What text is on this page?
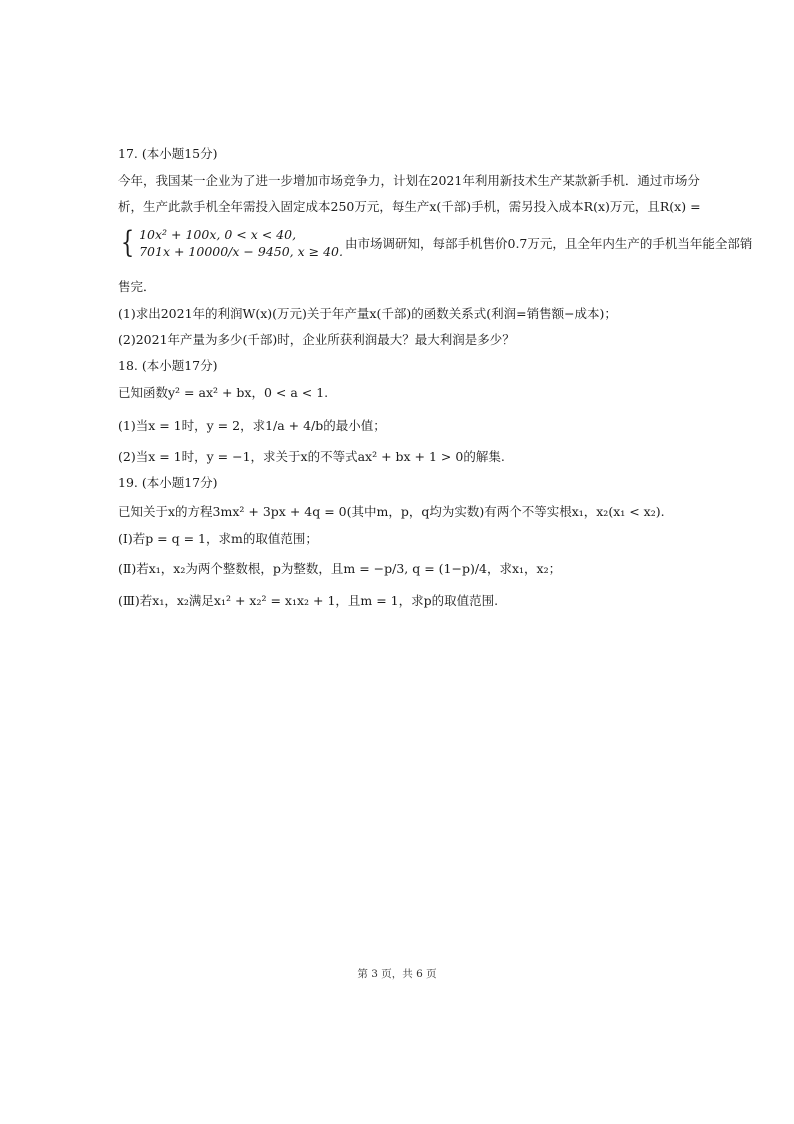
17. (本小题15分)
今年，我国某一企业为了进一步增加市场竞争力，计划在2021年利用新技术生产某款新手机．通过市场分
析，生产此款手机全年需投入固定成本250万元，每生产x(千部)手机，需另投入成本R(x)万元，且R(x) =
{ 10x² + 100x, 0 < x < 40,
701x + 10000/x − 9450, x ≥ 40.
由市场调研知，每部手机售价0.7万元，且全年内生产的手机当年能全部销
售完．
(1)求出2021年的利润W(x)(万元)关于年产量x(千部)的函数关系式(利润=销售额−成本)；
(2)2021年产量为多少(千部)时，企业所获利润最大？最大利润是多少？
18. (本小题17分)
已知函数y² = ax² + bx，0 < a < 1.
(1)当x = 1时，y = 2，求1/a + 4/b的最小值；
(2)当x = 1时，y = −1，求关于x的不等式ax² + bx + 1 > 0的解集.
19. (本小题17分)
已知关于x的方程3mx² + 3px + 4q = 0(其中m，p，q均为实数)有两个不等实根x₁，x₂(x₁ < x₂).
(Ⅰ)若p = q = 1，求m的取值范围；
(Ⅱ)若x₁，x₂为两个整数根，p为整数，且m = −p/3, q = (1−p)/4，求x₁，x₂；
(Ⅲ)若x₁，x₂满足x₁² + x₂² = x₁x₂ + 1，且m = 1，求p的取值范围.
第 3 页，共 6 页
